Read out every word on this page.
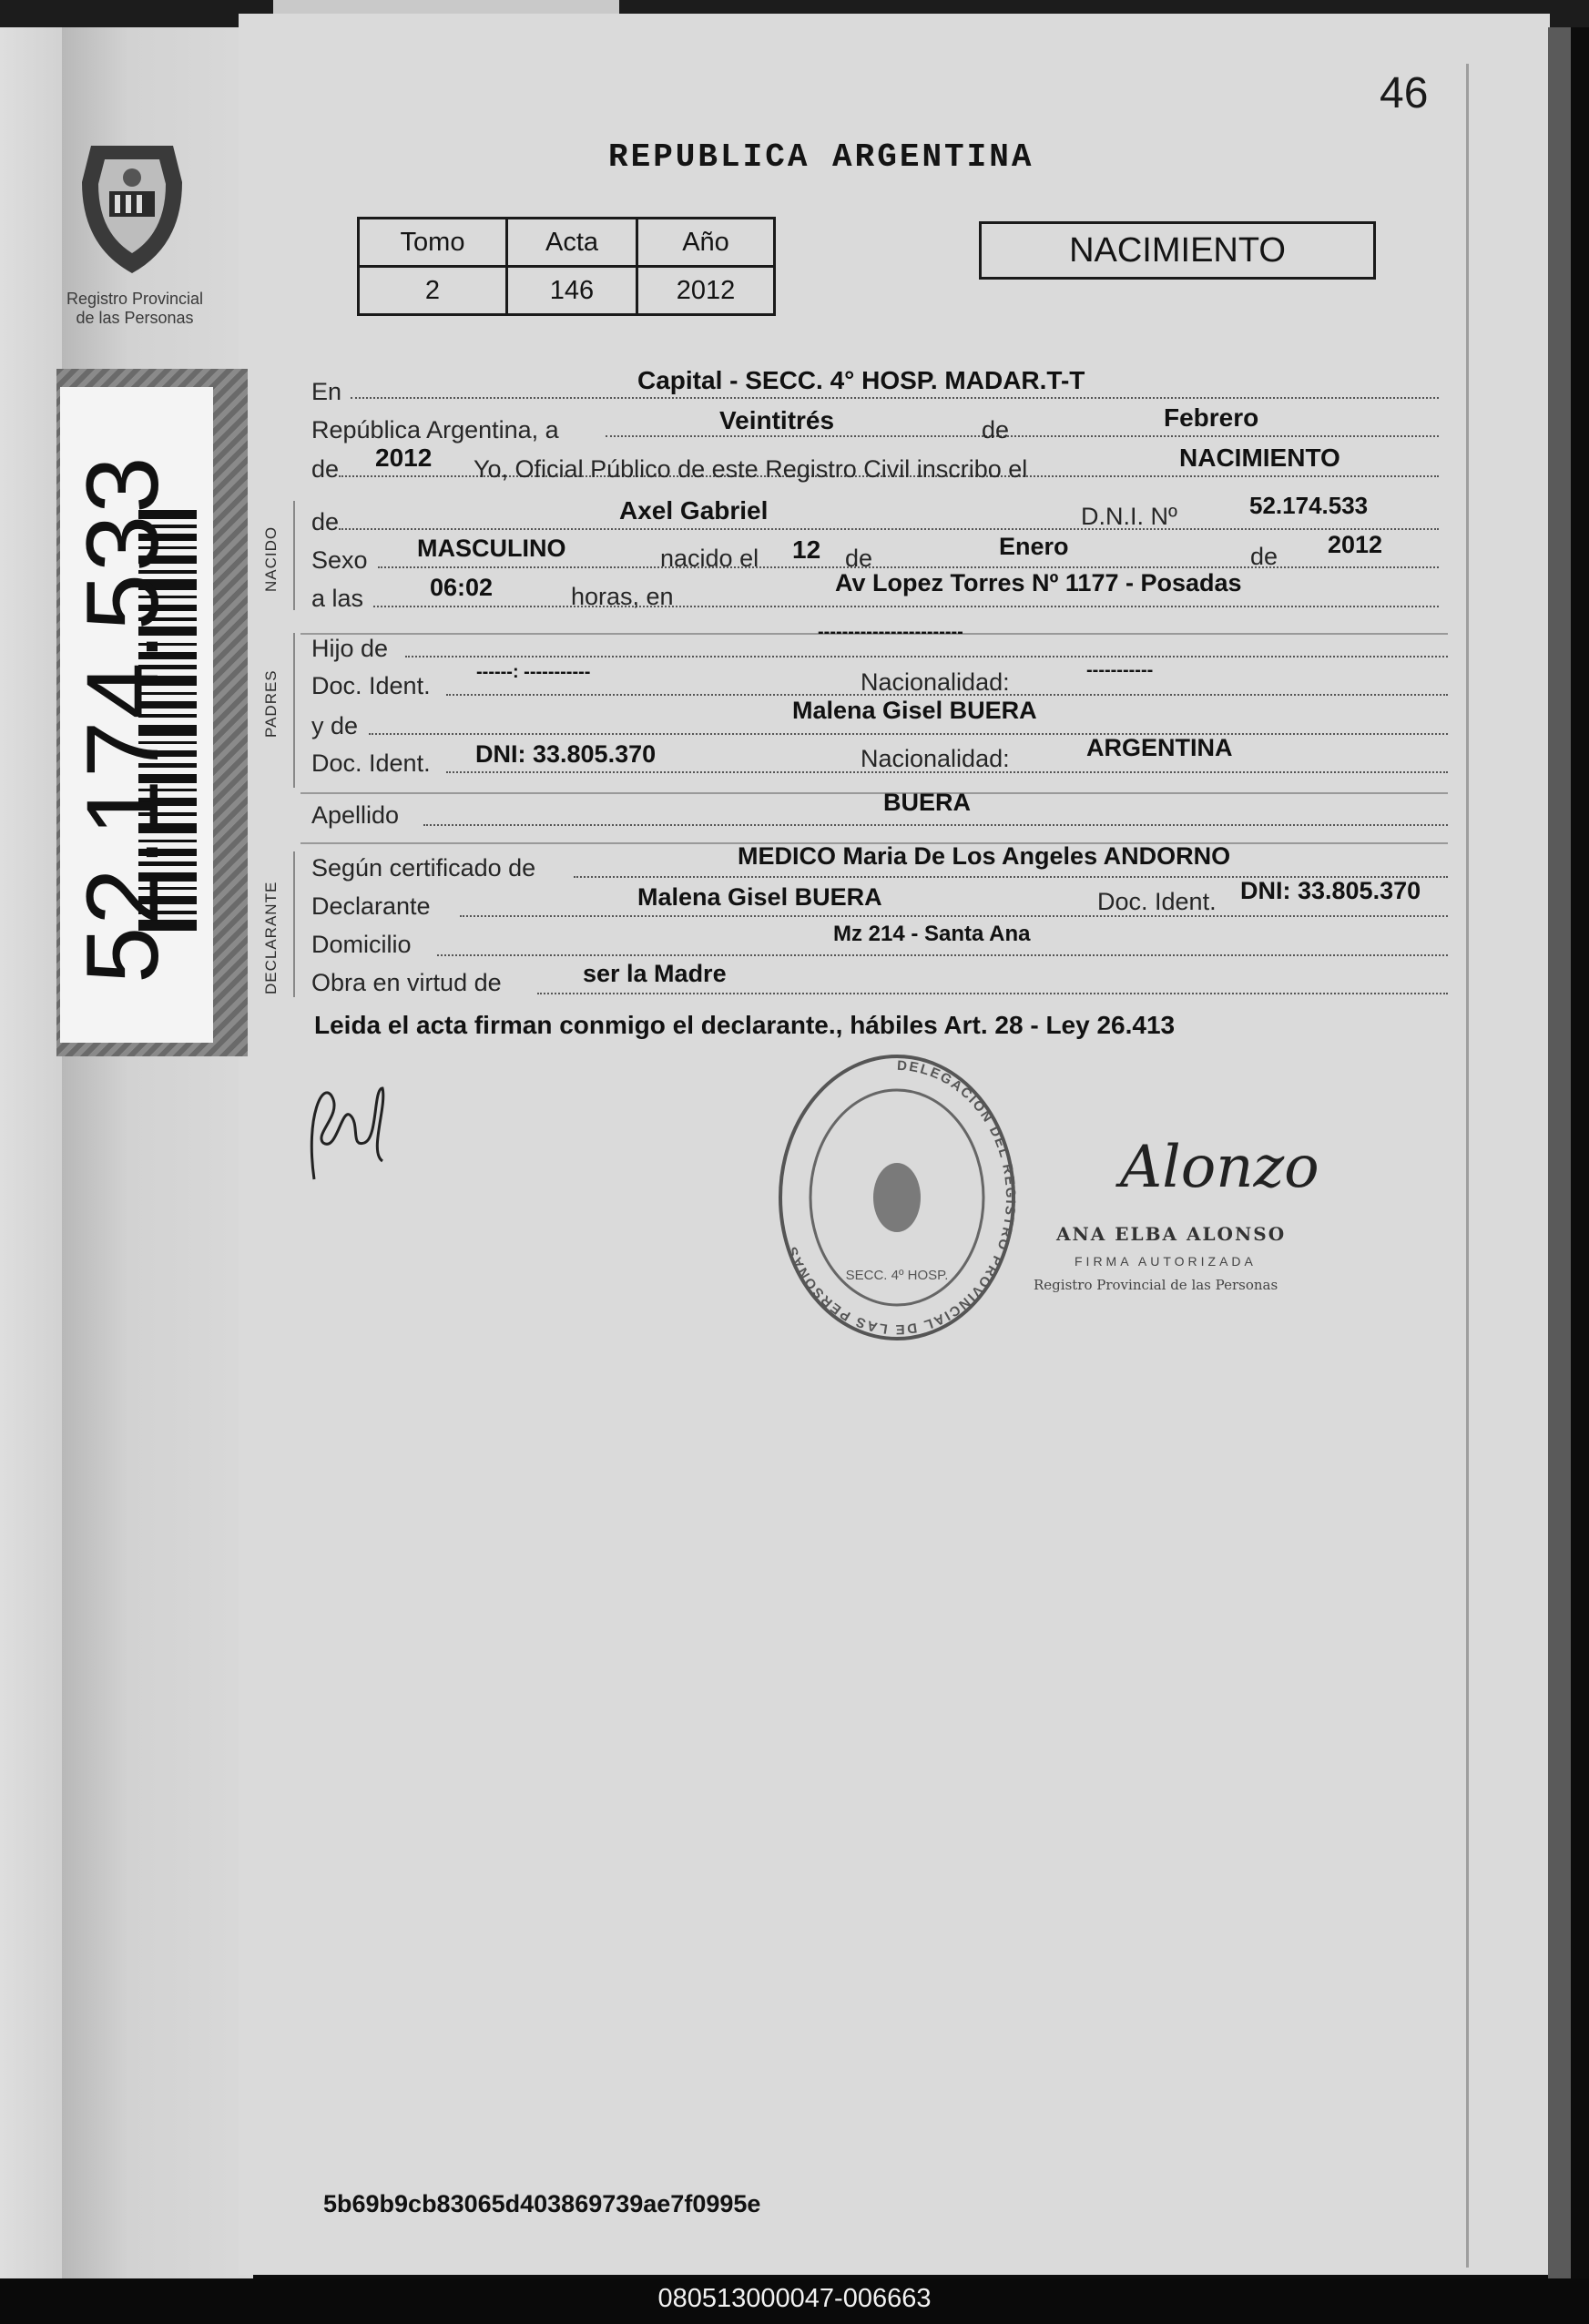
Registro Provincial
de las Personas
52.174.533
46
REPUBLICA ARGENTINA
Tomo	Acta	Año
2	146	2012
NACIMIENTO
NACIDO
PADRES
DECLARANTE
En	Capital - SECC. 4° HOSP. MADAR.T-T
República Argentina, a	Veintitrés	de	Febrero
de 2012 Yo, Oficial Público de este Registro Civil inscribo el	NACIMIENTO
de	Axel Gabriel	D.N.I. Nº	52.174.533
Sexo MASCULINO	nacido el 12 de	Enero	de 2012
a las	06:02	horas, en	Av Lopez Torres Nº 1177 - Posadas
Hijo de
------------------------
Doc. Ident.	------: -----------	Nacionalidad:	-----------
y de
Malena Gisel BUERA
Doc. Ident. DNI: 33.805.370	Nacionalidad:	ARGENTINA
Apellido	BUERA
Según certificado de	MEDICO Maria De Los Angeles ANDORNO
Declarante	Malena Gisel BUERA	Doc. Ident. DNI: 33.805.370
Domicilio	Mz 214 - Santa Ana
Obra en virtud de	ser la Madre
Leida el acta firman conmigo el declarante., hábiles Art. 28 - Ley 26.413
DELEGACION DEL REGISTRO PROVINCIAL DE LAS PERSONAS
SECC. 4º HOSP.
Alonzo
ANA ELBA ALONSO
FIRMA AUTORIZADA
Registro Provincial de las Personas
5b69b9cb83065d403869739ae7f0995e
080513000047-006663
